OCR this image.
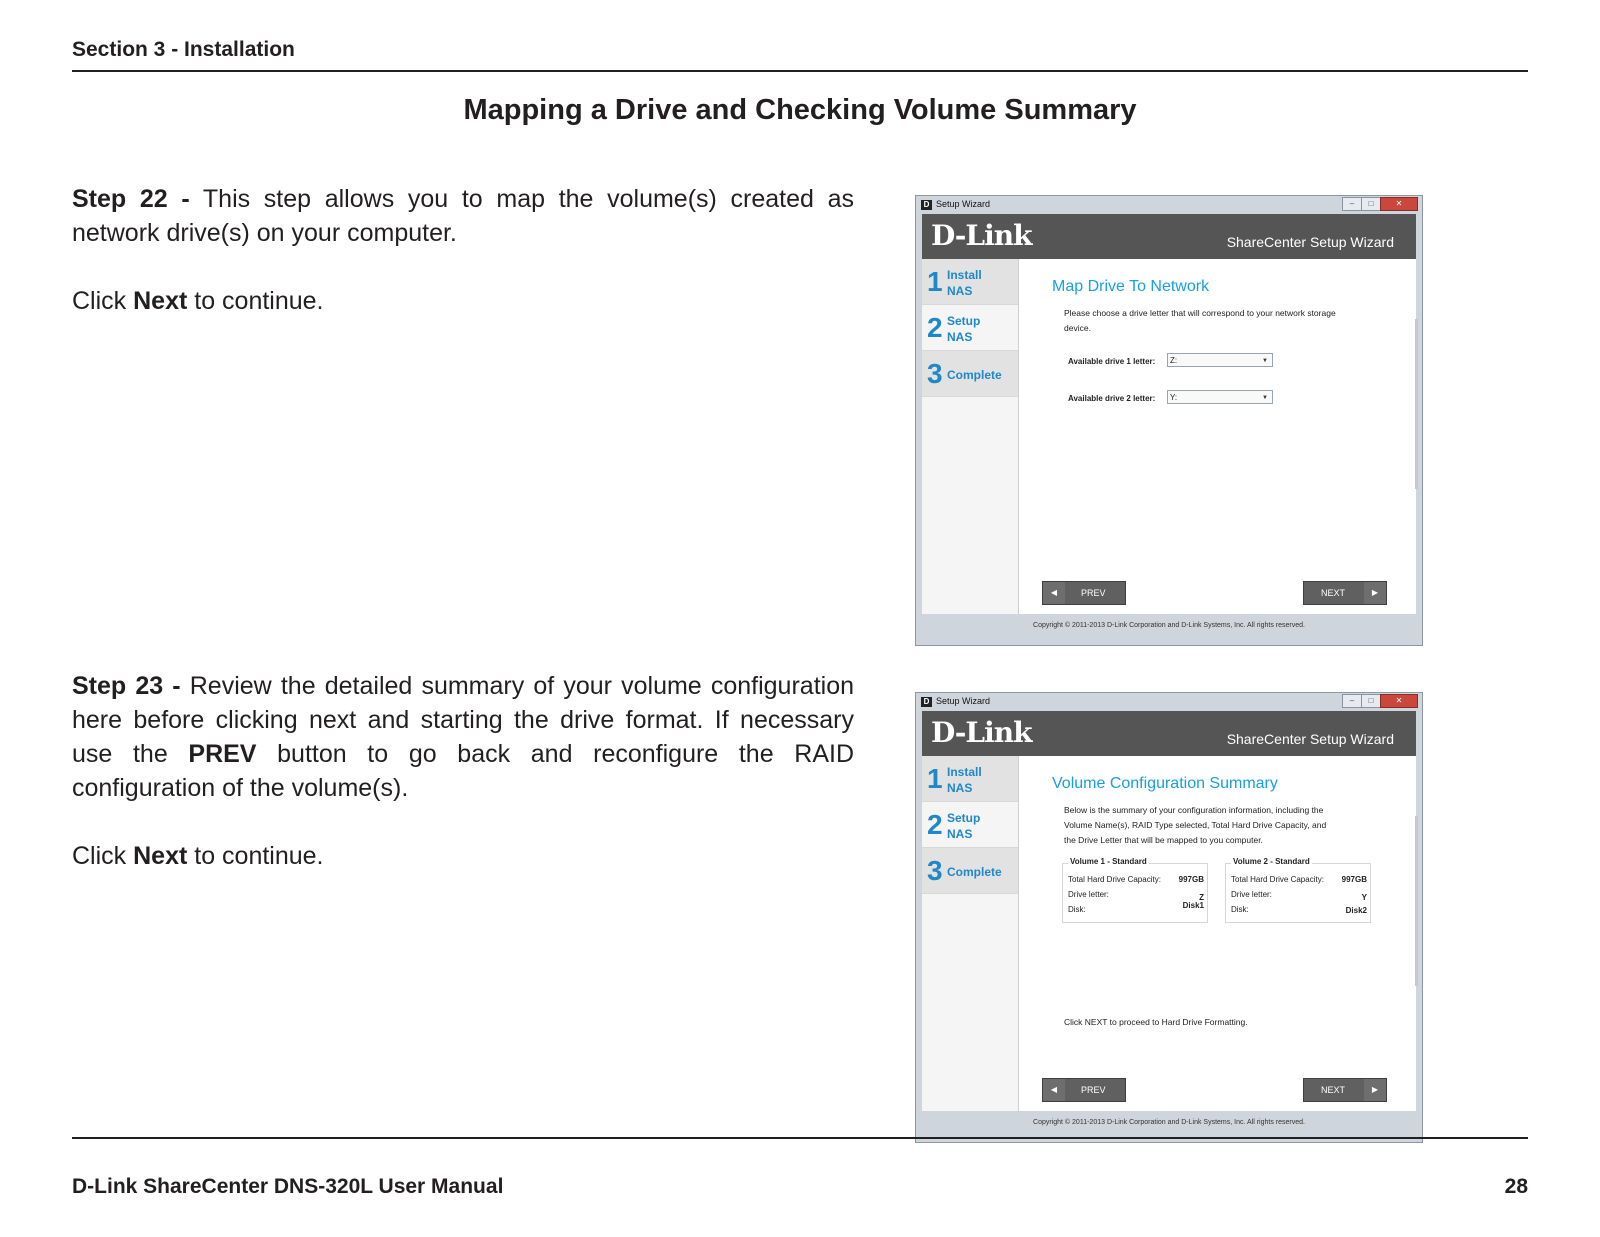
Section 3 - Installation
Mapping a Drive and Checking Volume Summary

Step 22 - This step allows you to map the volume(s) created as network drive(s) on your computer.

Click Next to continue.

Step 23 - Review the detailed summary of your volume configuration here before clicking next and starting the drive format. If necessary use the PREV button to go back and reconfigure the RAID configuration of the volume(s).

Click Next to continue.

D Setup Wizard	–	□	✕
D-Link	ShareCenter Setup Wizard
1 Install
NAS
2 Setup
NAS
3 Complete
Map Drive To Network
Please choose a drive letter that will correspond to your network storage device.
Available drive 1 letter:	Z:	▼
Available drive 2 letter:	Y:	▼
◀	PREV	NEXT	▶
Copyright © 2011-2013 D-Link Corporation and D-Link Systems, Inc. All rights reserved.
D Setup Wizard	–	□	✕
D-Link	ShareCenter Setup Wizard
1 Install
NAS
2 Setup
NAS
3 Complete
Volume Configuration Summary
Below is the summary of your configuration information, including the Volume Name(s), RAID Type selected, Total Hard Drive Capacity, and the Drive Letter that will be mapped to you computer.
Volume 1 - Standard
Total Hard Drive Capacity: 997GB
Drive letter:	Z
Disk:	Disk1
Volume 2 - Standard
Total Hard Drive Capacity: 997GB
Drive letter:	Y
Disk:	Disk2
Click NEXT to proceed to Hard Drive Formatting.
◀	PREV	NEXT	▶
Copyright © 2011-2013 D-Link Corporation and D-Link Systems, Inc. All rights reserved.
D-Link ShareCenter DNS-320L User Manual	28
